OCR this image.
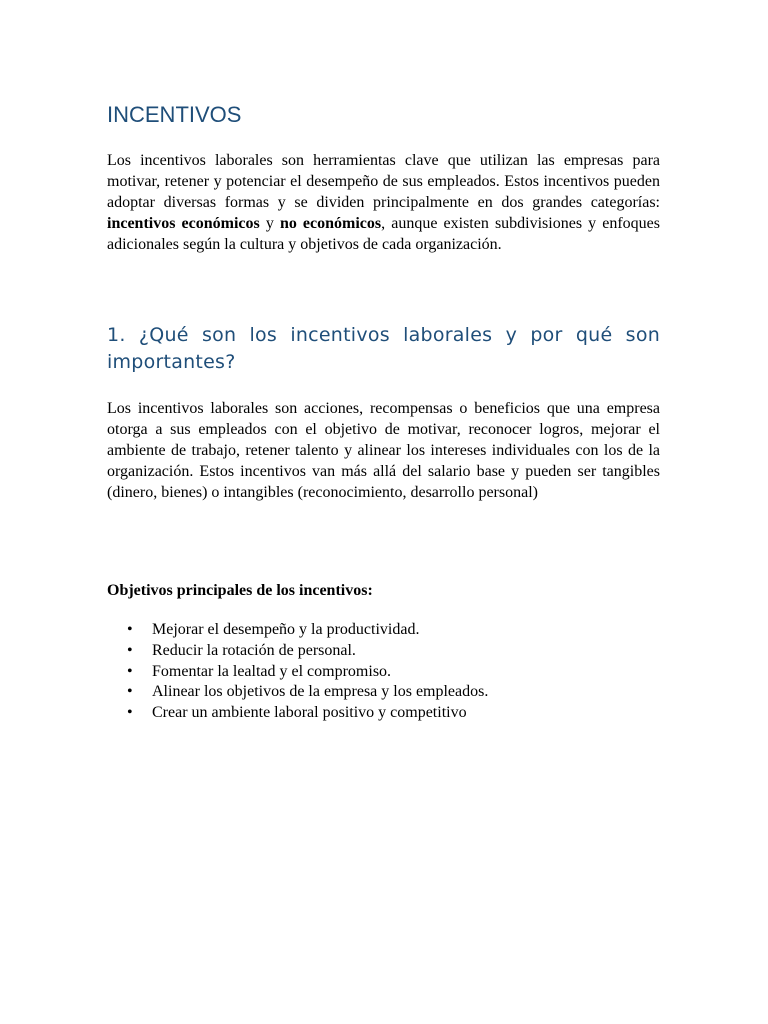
INCENTIVOS

Los incentivos laborales son herramientas clave que utilizan las empresas para motivar, retener y potenciar el desempeño de sus empleados. Estos incentivos pueden adoptar diversas formas y se dividen principalmente en dos grandes categorías: incentivos económicos y no económicos, aunque existen subdivisiones y enfoques adicionales según la cultura y objetivos de cada organización.

1. ¿Qué son los incentivos laborales y por qué son importantes?

Los incentivos laborales son acciones, recompensas o beneficios que una empresa otorga a sus empleados con el objetivo de motivar, reconocer logros, mejorar el ambiente de trabajo, retener talento y alinear los intereses individuales con los de la organización. Estos incentivos van más allá del salario base y pueden ser tangibles (dinero, bienes) o intangibles (reconocimiento, desarrollo personal)

Objetivos principales de los incentivos:
• Mejorar el desempeño y la productividad.
• Reducir la rotación de personal.
• Fomentar la lealtad y el compromiso.
• Alinear los objetivos de la empresa y los empleados.
• Crear un ambiente laboral positivo y competitivo
